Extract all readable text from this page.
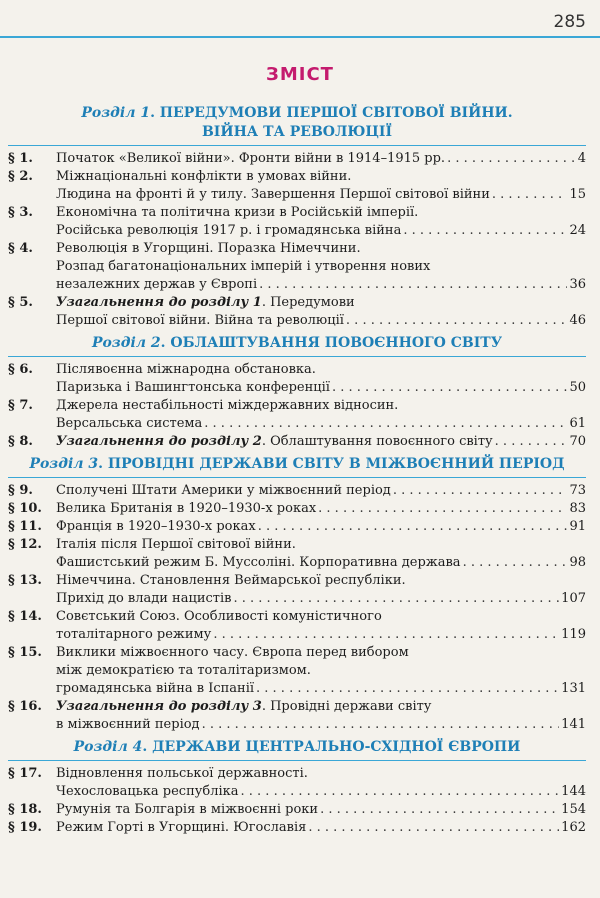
285
ЗМІСТ
Розділ 1. ПЕРЕДУМОВИ ПЕРШОЇ СВІТОВОЇ ВІЙНИ.
ВІЙНА ТА РЕВОЛЮЦІЇ
§ 1.	Початок «Великої війни». Фронти війни в 1914–1915 рр. . . .	4
§ 2.	Міжнаціональні конфлікти в умовах війни.
Людина на фронті й у тилу. Завершення Першої світової війни . . .	15
§ 3.	Економічна та політична кризи в Російській імперії.
Російська революція 1917 р. і громадянська війна . . .	24
§ 4.	Революція в Угорщині. Поразка Німеччини.
Розпад багатонаціональних імперій і утворення нових
незалежних держав у Європі . . .	36
§ 5.	Узагальнення до розділу 1. Передумови
Першої світової війни. Війна та революції . . .	46
Розділ 2. ОБЛАШТУВАННЯ ПОВОЄННОГО СВІТУ
§ 6.	Післявоєнна міжнародна обстановка.
Паризька і Вашингтонська конференції . . .	50
§ 7.	Джерела нестабільності міждержавних відносин.
Версальська система . . .	61
§ 8.	Узагальнення до розділу 2. Облаштування повоєнного світу . . .	70
Розділ 3. ПРОВІДНІ ДЕРЖАВИ СВІТУ В МІЖВОЄННИЙ ПЕРІОД
§ 9.	Сполучені Штати Америки у міжвоєнний період . . .	73
§ 10.	Велика Британія в 1920–1930-х роках . . .	83
§ 11.	Франція в 1920–1930-х роках . . .	91
§ 12.	Італія після Першої світової війни.
Фашистський режим Б. Муссоліні. Корпоративна держава . . .	98
§ 13.	Німеччина. Становлення Веймарської республіки.
Прихід до влади нацистів . . .	107
§ 14.	Совєтський Союз. Особливості комуністичного
тоталітарного режиму . . .	119
§ 15.	Виклики міжвоєнного часу. Європа перед вибором
між демократією та тоталітаризмом.
громадянська війна в Іспанії . . .	131
§ 16.	Узагальнення до розділу 3. Провідні держави світу
в міжвоєнний період . . .	141
Розділ 4. ДЕРЖАВИ ЦЕНТРАЛЬНО-СХІДНОЇ ЄВРОПИ
§ 17.	Відновлення польської державності.
Чехословацька республіка . . .	144
§ 18.	Румунія та Болгарія в міжвоєнні роки . . .	154
§ 19.	Режим Горті в Угорщині. Югославія . . .	162
